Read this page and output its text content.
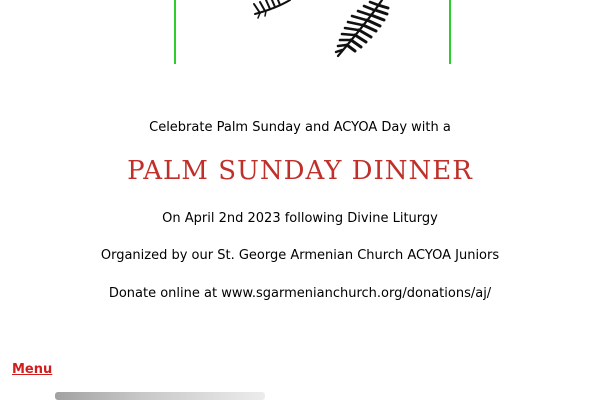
Celebrate Palm Sunday and ACYOA Day with a
PALM SUNDAY DINNER
On April 2nd 2023 following Divine Liturgy
Organized by our St. George Armenian Church ACYOA Juniors
Donate online at www.sgarmenianchurch.org/donations/aj/
Menu
